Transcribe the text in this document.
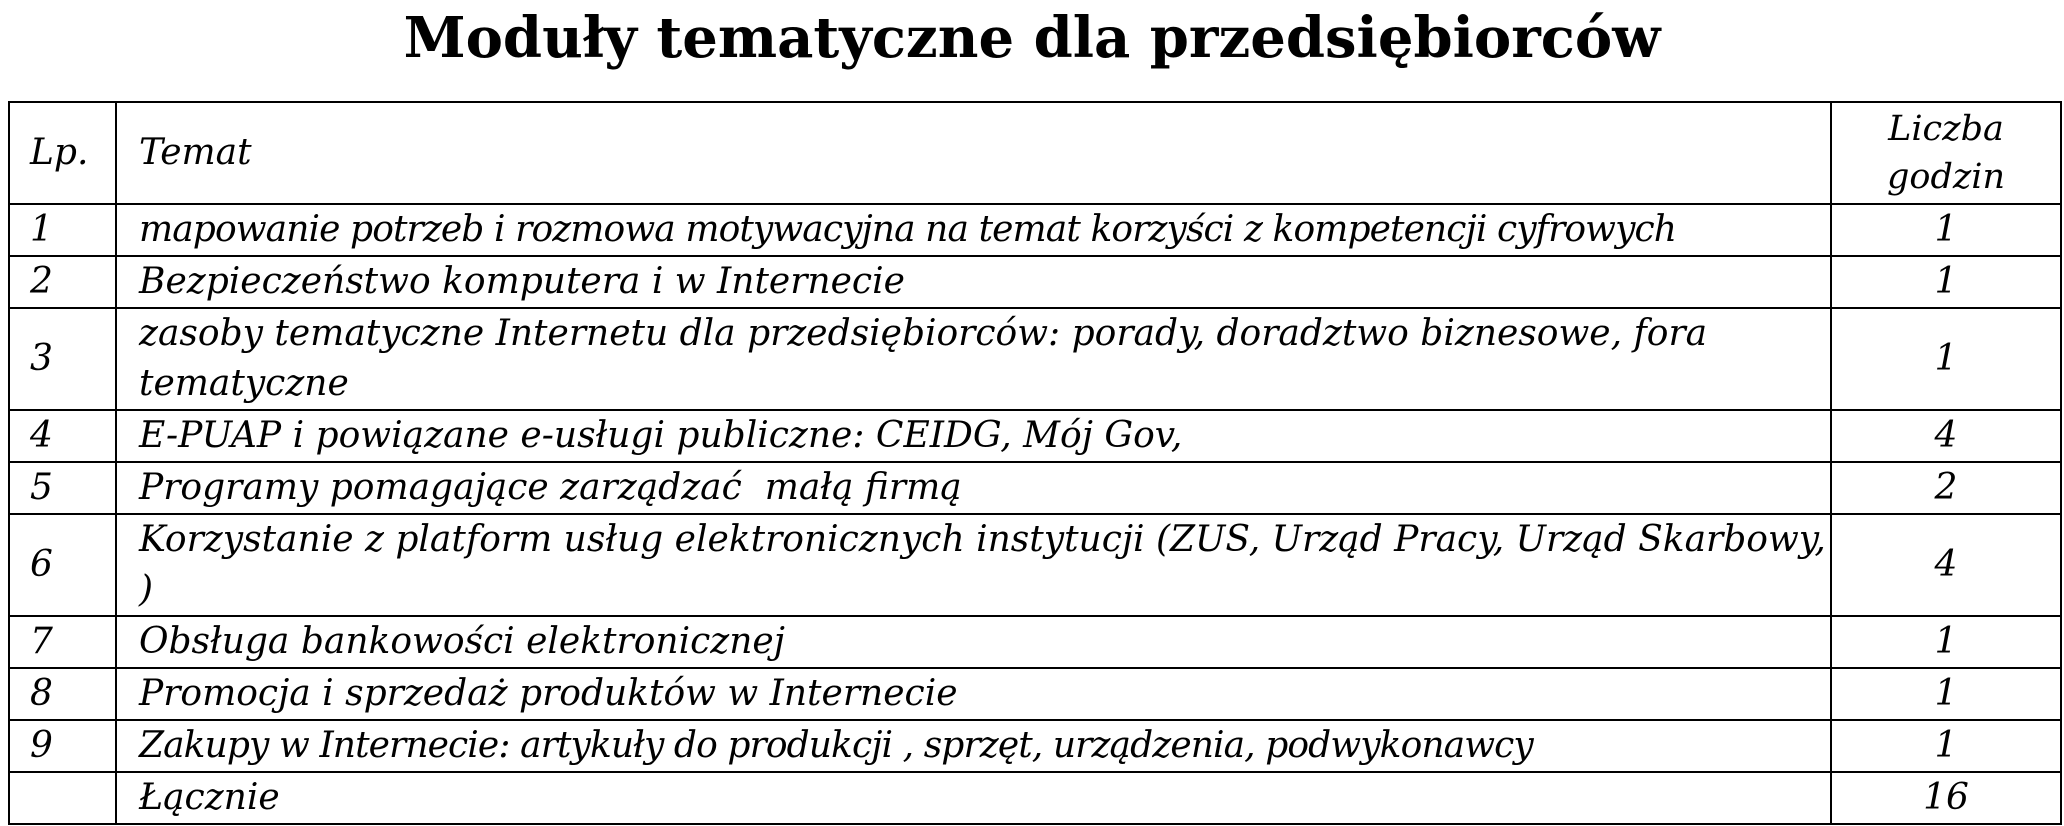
Moduły tematyczne dla przedsiębiorców
Lp.	Temat	Liczba
godzin

1	mapowanie potrzeb i rozmowa motywacyjna na temat korzyści z kompetencji cyfrowych	1
2	Bezpieczeństwo komputera i w Internecie	1
3	zasoby tematyczne Internetu dla przedsiębiorców: porady, doradztwo biznesowe, fora tematyczne	1
4	E-PUAP i powiązane e-usługi publiczne: CEIDG, Mój Gov,	4
5	Programy pomagające zarządzać  małą firmą	2
6	Korzystanie z platform usług elektronicznych instytucji (ZUS, Urząd Pracy, Urząd Skarbowy, )	4
7	Obsługa bankowości elektronicznej	1
8	Promocja i sprzedaż produktów w Internecie	1
9	Zakupy w Internecie: artykuły do produkcji , sprzęt, urządzenia, podwykonawcy	1
	Łącznie	16
